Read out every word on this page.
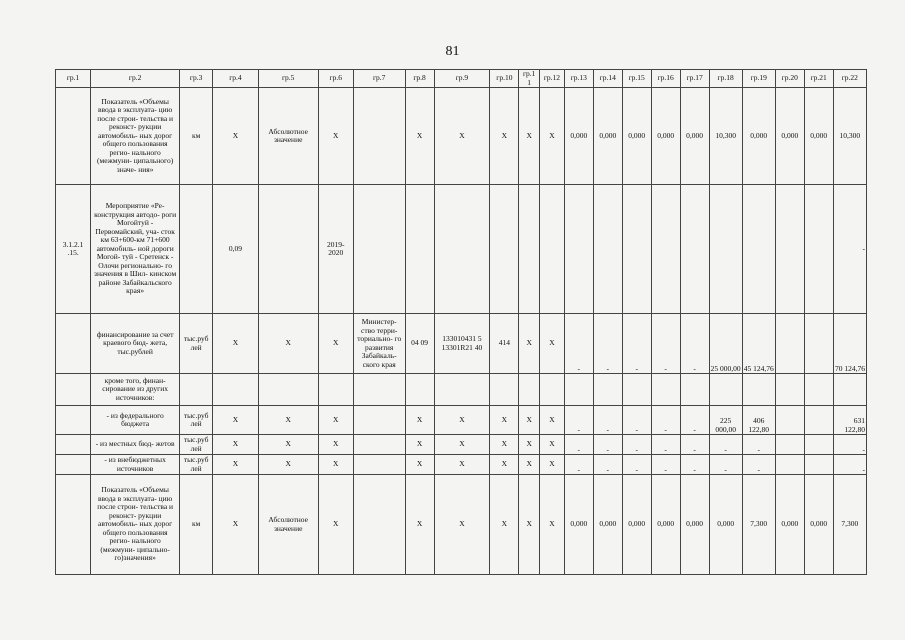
81
гр.1	гр.2	гр.3	гр.4	гр.5	гр.6	гр.7	гр.8	гр.9	гр.10	гр.1 1	гр.12	гр.13	гр.14	гр.15	гр.16	гр.17	гр.18	гр.19	гр.20	гр.21	гр.22
	Показатель «Объемы ввода в эксплуата- цию после строи- тельства и реконст- рукции автомобиль- ных дорог общего пользования регио- нального (межмуни- ципального) значе- ния»	км	Х	Абсолютное значение	Х		Х	Х	Х	Х	Х	0,000	0,000	0,000	0,000	0,000	10,300	0,000	0,000	0,000	10,300
3.1.2.1 .15.	Мероприятие «Ре- конструкция автодо- роги Могойтуй - Первомайский, уча- сток км 63+600-км 71+600 автомобиль- ной дороги Могой- туй - Сретенск - Олочи регионально- го значения в Шил- кинском районе Забайкальского края»		0,09		2019- 2020																-
	финансирование за счет краевого бюд- жета, тыс.рублей	тыс.руб лей	Х	Х	Х	Министер- ство терри- ториально- го развития Забайкаль- ского края	04 09	133010431 5 13301R21 40	414	Х	Х	-	-	-	-	-	25 000,00	45 124,76			70 124,76
	кроме того, финан- сирование из других источников:																				
	- из федерального бюджета	тыс.руб лей	Х	Х	Х		Х	Х	Х	Х	Х	-	-	-	-	-	225 000,00	406 122,80			631 122,80
	- из местных бюд- жетов	тыс.руб лей	Х	Х	Х		Х	Х	Х	Х	Х	-	-	-	-	-	-	-			-
	- из внебюджетных источников	тыс.руб лей	Х	Х	Х		Х	Х	Х	Х	Х	-	-	-	-	-	-	-			-
	Показатель «Объемы ввода в эксплуата- цию после строи- тельства и реконст- рукции автомобиль- ных дорог общего пользования регио- нального (межмуни- ципально- го)значения»	км	Х	Абсолютное значение	Х		Х	Х	Х	Х	Х	0,000	0,000	0,000	0,000	0,000	0,000	7,300	0,000	0,000	7,300
